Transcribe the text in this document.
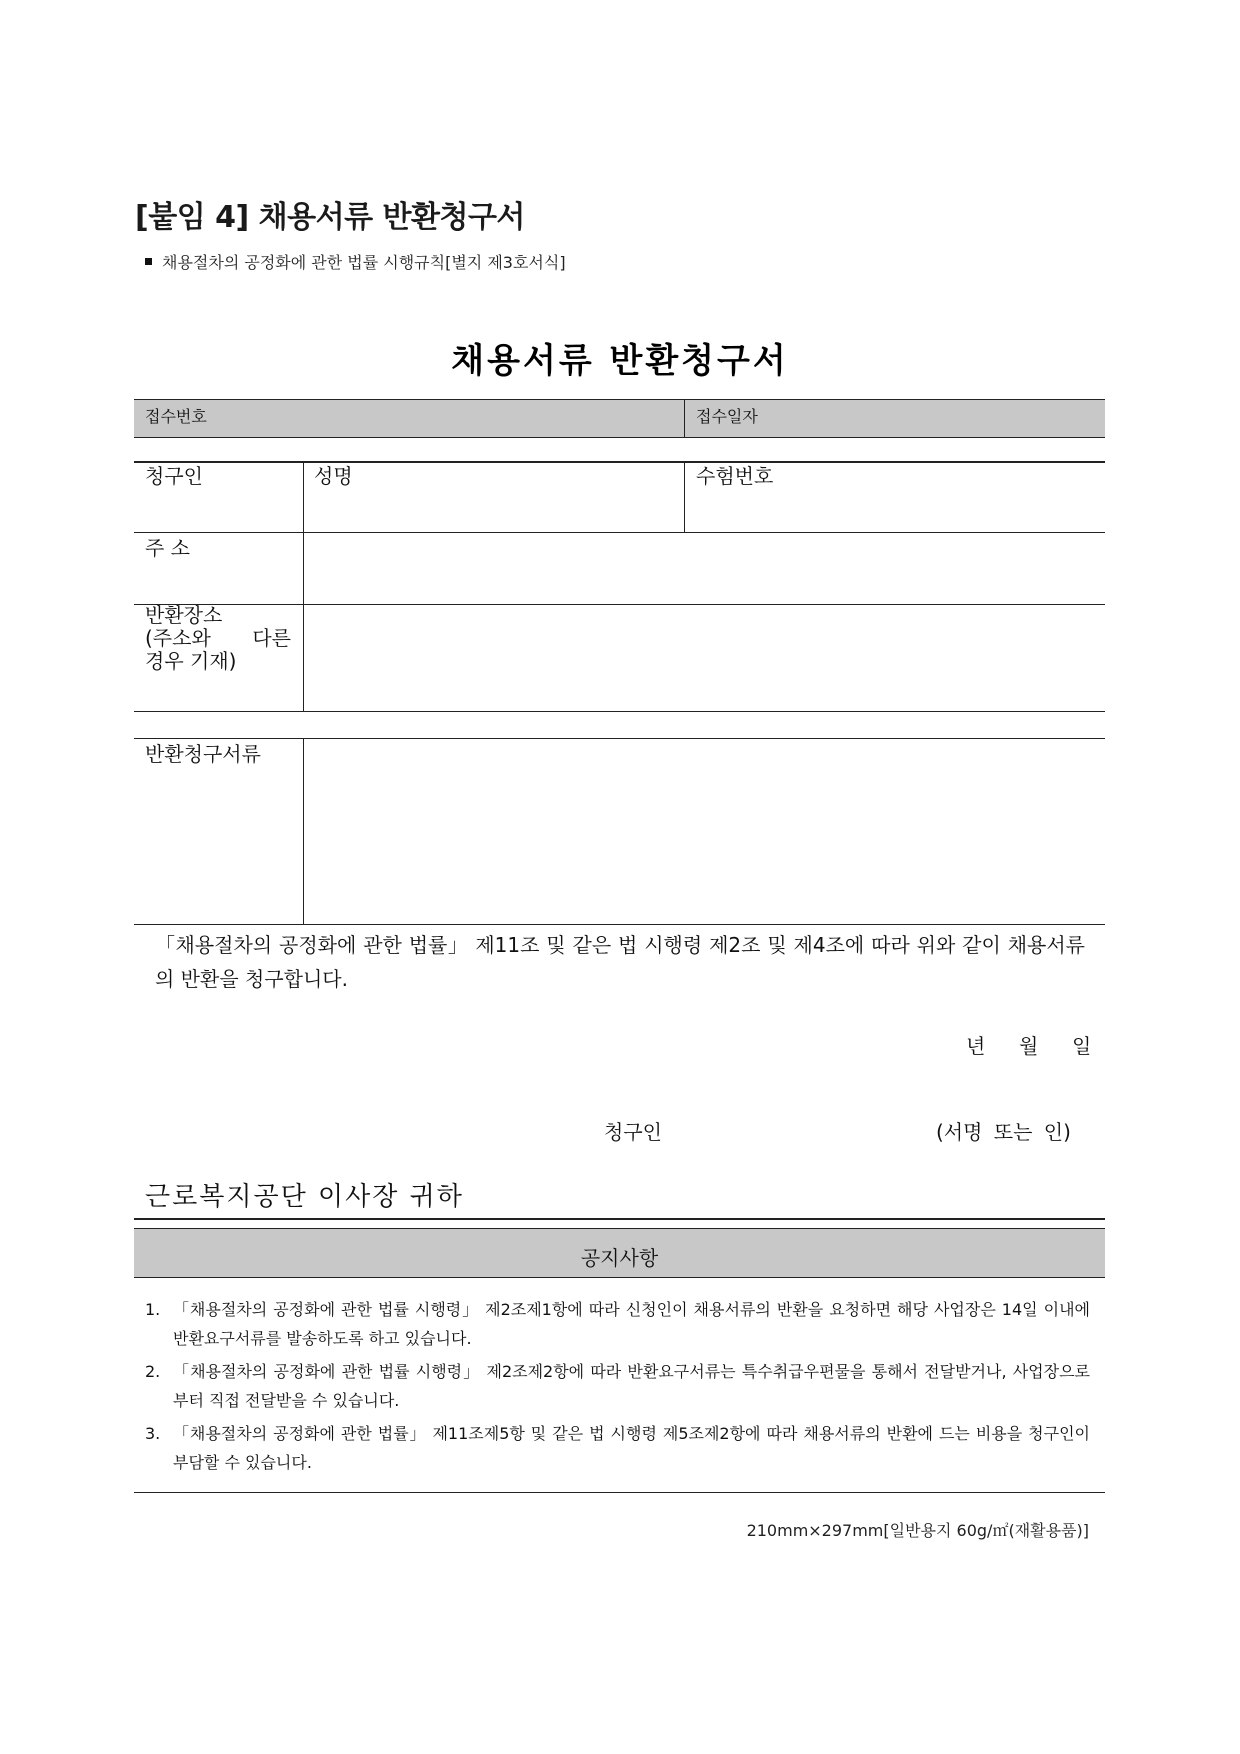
[붙임 4] 채용서류 반환청구서
채용절차의 공정화에 관한 법률 시행규칙[별지 제3호서식]
채용서류 반환청구서
접수번호	접수일자
청구인	성명	수험번호
주 소
반환장소
(주소와 다른
경우 기재)
반환청구서류
「채용절차의 공정화에 관한 법률」 제11조 및 같은 법 시행령 제2조 및 제4조에 따라 위와 같이 채용서류의 반환을 청구합니다.
년 월 일
청구인	(서명 또는 인)
근로복지공단 이사장 귀하
공지사항
1. 「채용절차의 공정화에 관한 법률 시행령」 제2조제1항에 따라 신청인이 채용서류의 반환을 요청하면 해당 사업장은 14일 이내에 반환요구서류를 발송하도록 하고 있습니다.
2. 「채용절차의 공정화에 관한 법률 시행령」 제2조제2항에 따라 반환요구서류는 특수취급우편물을 통해서 전달받거나, 사업장으로부터 직접 전달받을 수 있습니다.
3. 「채용절차의 공정화에 관한 법률」 제11조제5항 및 같은 법 시행령 제5조제2항에 따라 채용서류의 반환에 드는 비용을 청구인이 부담할 수 있습니다.
210mm×297mm[일반용지 60g/㎡(재활용품)]
